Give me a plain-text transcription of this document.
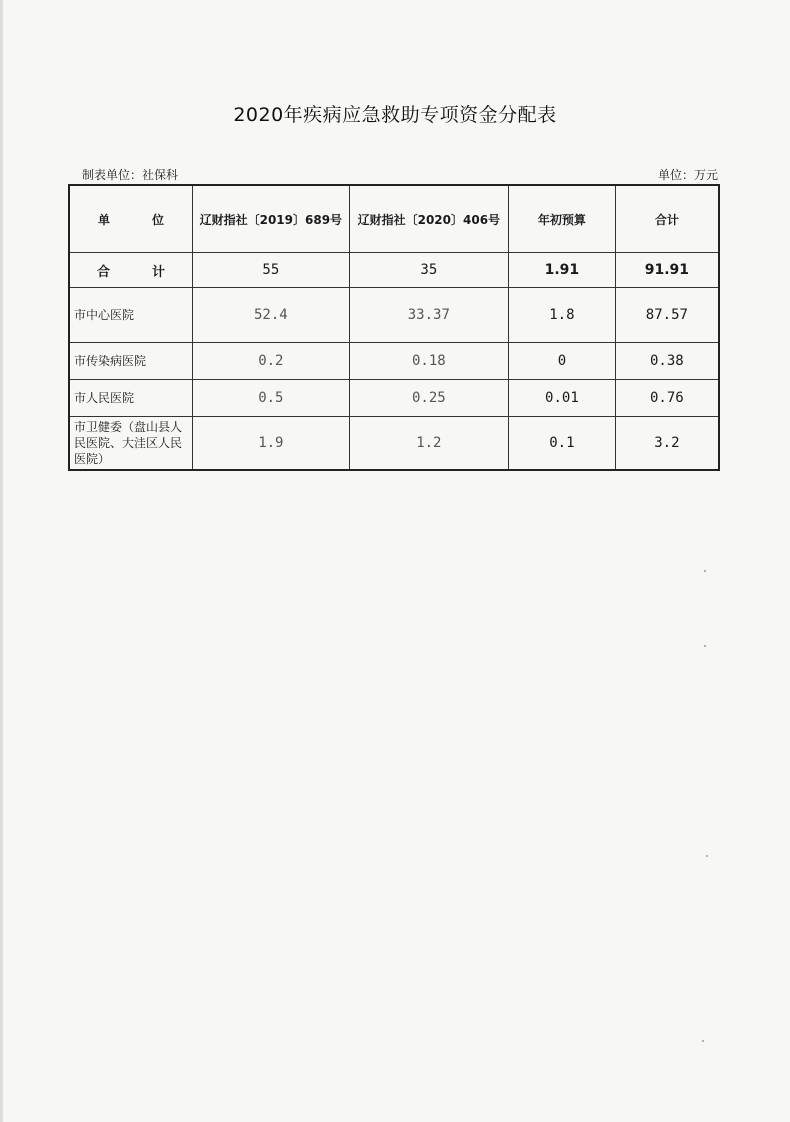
2020年疾病应急救助专项资金分配表
制表单位：社保科	单位：万元
单 位	辽财指社〔2019〕689号	辽财指社〔2020〕406号	年初预算	合计
合 计	55	35	1.91	91.91
市中心医院	52.4	33.37	1.8	87.57
市传染病医院	0.2	0.18	0	0.38
市人民医院	0.5	0.25	0.01	0.76
市卫健委（盘山县人民医院、大洼区人民医院）	1.9	1.2	0.1	3.2
